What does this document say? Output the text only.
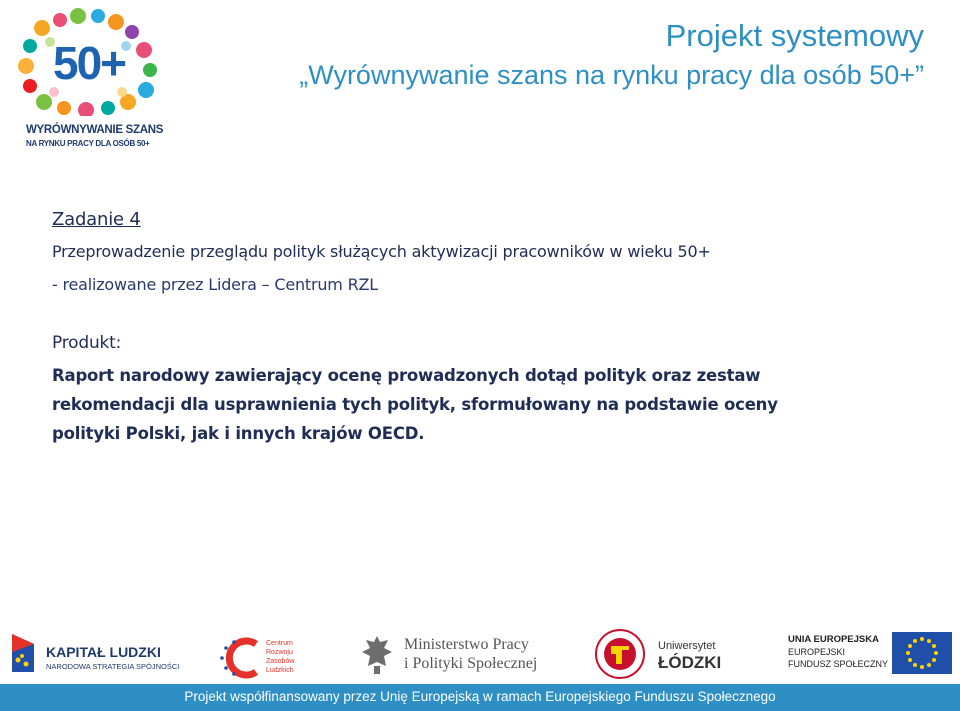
50+
WYRÓWNYWANIE SZANS
NA RYNKU PRACY DLA OSÓB 50+
Projekt systemowy
„Wyrównywanie szans na rynku pracy dla osób 50+”
Zadanie 4
Przeprowadzenie przeglądu polityk służących aktywizacji pracowników w wieku 50+
- realizowane przez Lidera – Centrum RZL
Produkt:
Raport narodowy zawierający ocenę prowadzonych dotąd polityk oraz zestaw
rekomendacji dla usprawnienia tych polityk, sformułowany na podstawie oceny
polityki Polski, jak i innych krajów OECD.
KAPITAŁ LUDZKI
NARODOWA STRATEGIA SPÓJNOŚCI
Centrum
Rozwoju
Zasobów
Ludzkich
Ministerstwo Pracy
i Polityki Społecznej
Uniwersytet
ŁÓDZKI
UNIA EUROPEJSKA
EUROPEJSKI
FUNDUSZ SPOŁECZNY
Projekt współfinansowany przez Unię Europejską w ramach Europejskiego Funduszu Społecznego
